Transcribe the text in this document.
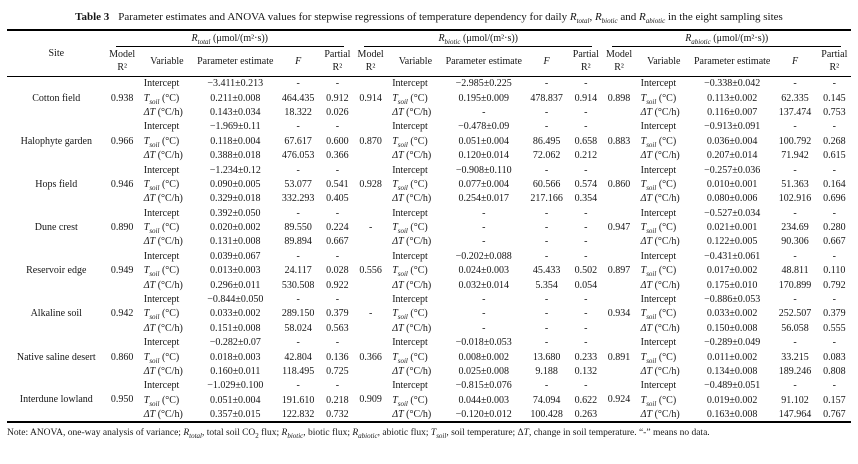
Table 3 Parameter estimates and ANOVA values for stepwise regressions of temperature dependency for daily $R_{total}$, $R_{biotic}$ and $R_{abiotic}$ in the eight sampling sites
Site	$R_{total}$ (μmol/(m²·s))					$R_{biotic}$ (μmol/(m²·s))					$R_{abiotic}$ (μmol/(m²·s))				

	Model R²	Variable	Parameter estimate	F	Partial R²	Model R²	Variable	Parameter estimate	F	Partial R²	Model R²	Variable	Parameter estimate	F	Partial R²
Cotton field	0.938	Intercept	−3.411±0.213	-	-	0.914	Intercept	−2.985±0.225	-	-	0.898	Intercept	−0.338±0.042	-	-
		$T_{soil}$ (°C)	0.211±0.008	464.435	0.912		$T_{soil}$ (°C)	0.195±0.009	478.837	0.914		$T_{soil}$ (°C)	0.113±0.002	62.335	0.145
		ΔT (°C/h)	0.143±0.034	18.322	0.026		ΔT (°C/h)	-	-	-		ΔT (°C/h)	0.116±0.007	137.474	0.753
Halophyte garden	0.966	Intercept	−1.969±0.11	-	-	0.870	Intercept	−0.478±0.09	-	-	0.883	Intercept	−0.913±0.091	-	-
		$T_{soil}$ (°C)	0.118±0.004	67.617	0.600		$T_{soil}$ (°C)	0.051±0.004	86.495	0.658		$T_{soil}$ (°C)	0.036±0.004	100.792	0.268
		ΔT (°C/h)	0.388±0.018	476.053	0.366		ΔT (°C/h)	0.120±0.014	72.062	0.212		ΔT (°C/h)	0.207±0.014	71.942	0.615
Hops field	0.946	Intercept	−1.234±0.12	-	-	0.928	Intercept	−0.908±0.110	-	-	0.860	Intercept	−0.257±0.036	-	-
		$T_{soil}$ (°C)	0.090±0.005	53.077	0.541		$T_{soil}$ (°C)	0.077±0.004	60.566	0.574		$T_{soil}$ (°C)	0.010±0.001	51.363	0.164
		ΔT (°C/h)	0.329±0.018	332.293	0.405		ΔT (°C/h)	0.254±0.017	217.166	0.354		ΔT (°C/h)	0.080±0.006	102.916	0.696
Dune crest	0.890	Intercept	0.392±0.050	-	-	-	Intercept	-	-	-	0.947	Intercept	−0.527±0.034	-	-
		$T_{soil}$ (°C)	0.020±0.002	89.550	0.224		$T_{soil}$ (°C)	-	-	-		$T_{soil}$ (°C)	0.021±0.001	234.69	0.280
		ΔT (°C/h)	0.131±0.008	89.894	0.667		ΔT (°C/h)	-	-	-		ΔT (°C/h)	0.122±0.005	90.306	0.667
Reservoir edge	0.949	Intercept	0.039±0.067	-	-	0.556	Intercept	−0.202±0.088	-	-	0.897	Intercept	−0.431±0.061	-	-
		$T_{soil}$ (°C)	0.013±0.003	24.117	0.028		$T_{soil}$ (°C)	0.024±0.003	45.433	0.502		$T_{soil}$ (°C)	0.017±0.002	48.811	0.110
		ΔT (°C/h)	0.296±0.011	530.508	0.922		ΔT (°C/h)	0.032±0.014	5.354	0.054		ΔT (°C/h)	0.175±0.010	170.899	0.792
Alkaline soil	0.942	Intercept	−0.844±0.050	-	-	-	Intercept	-	-	-	0.934	Intercept	−0.886±0.053	-	-
		$T_{soil}$ (°C)	0.033±0.002	289.150	0.379		$T_{soil}$ (°C)	-	-	-		$T_{soil}$ (°C)	0.033±0.002	252.507	0.379
		ΔT (°C/h)	0.151±0.008	58.024	0.563		ΔT (°C/h)	-	-	-		ΔT (°C/h)	0.150±0.008	56.058	0.555
Native saline desert	0.860	Intercept	−0.282±0.07	-	-	0.366	Intercept	−0.018±0.053	-	-	0.891	Intercept	−0.289±0.049	-	-
		$T_{soil}$ (°C)	0.018±0.003	42.804	0.136		$T_{soil}$ (°C)	0.008±0.002	13.680	0.233		$T_{soil}$ (°C)	0.011±0.002	33.215	0.083
		ΔT (°C/h)	0.160±0.011	118.495	0.725		ΔT (°C/h)	0.025±0.008	9.188	0.132		ΔT (°C/h)	0.134±0.008	189.246	0.808
Interdune lowland	0.950	Intercept	−1.029±0.100	-	-	0.909	Intercept	−0.815±0.076	-	-	0.924	Intercept	−0.489±0.051	-	-
		$T_{soil}$ (°C)	0.051±0.004	191.610	0.218		$T_{soil}$ (°C)	0.044±0.003	74.094	0.622		$T_{soil}$ (°C)	0.019±0.002	91.102	0.157
		ΔT (°C/h)	0.357±0.015	122.832	0.732		ΔT (°C/h)	−0.120±0.012	100.428	0.263		ΔT (°C/h)	0.163±0.008	147.964	0.767
Note: ANOVA, one-way analysis of variance; $R_{total}$, total soil $CO_2$ flux; $R_{biotic}$, biotic flux; $R_{abiotic}$, abiotic flux; $T_{soil}$, soil temperature; ΔT, change in soil temperature. “-” means no data.
